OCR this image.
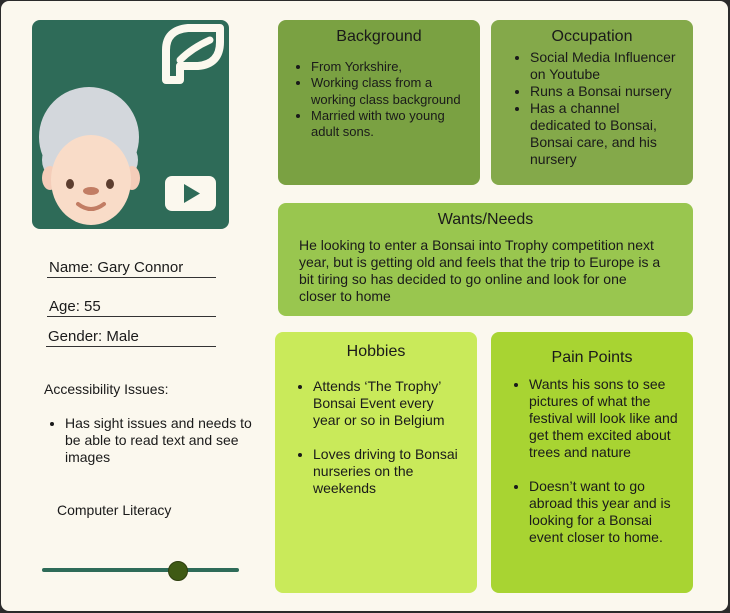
Name: Gary Connor
Age: 55
Gender: Male
Accessibility Issues:
• Has sight issues and needs to be able to read text and see images
Computer Literacy
Background
• From Yorkshire,
• Working class from a working class background
• Married with two young adult sons.
Occupation
• Social Media Influencer on Youtube
• Runs a Bonsai nursery
• Has a channel dedicated to Bonsai, Bonsai care, and his nursery
Wants/Needs
He looking to enter a Bonsai into Trophy competition next year, but is getting old and feels that the trip to Europe is a bit tiring so has decided to go online and look for one closer to home
Hobbies
• Attends ‘The Trophy’ Bonsai Event every year or so in Belgium
• Loves driving to Bonsai nurseries on the weekends
Pain Points
• Wants his sons to see pictures of what the festival will look like and get them excited about trees and nature
• Doesn’t want to go abroad this year and is looking for a Bonsai event closer to home.
